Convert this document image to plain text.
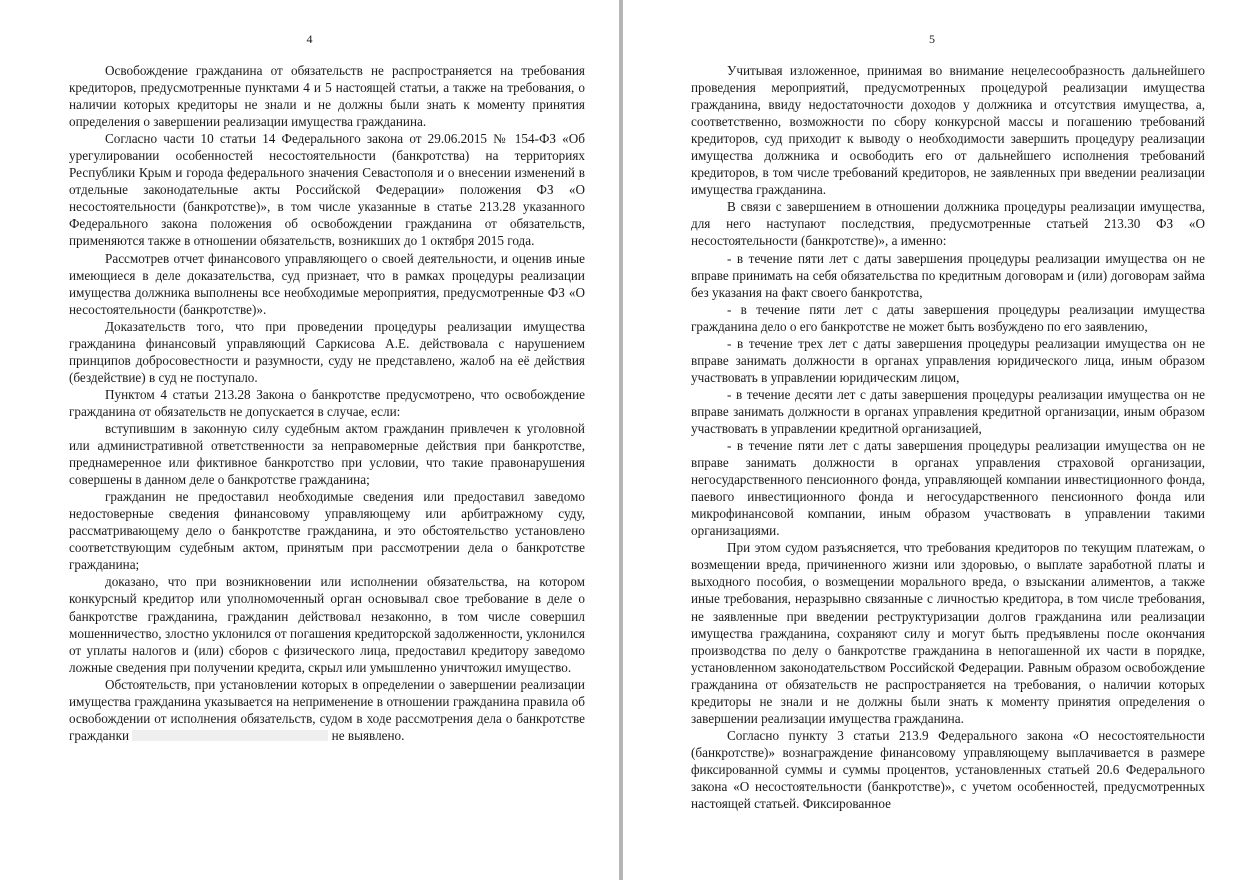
4

Освобождение гражданина от обязательств не распространяется на требования кредиторов, предусмотренные пунктами 4 и 5 настоящей статьи, а также на требования, о наличии которых кредиторы не знали и не должны были знать к моменту принятия определения о завершении реализации имущества гражданина.

Согласно части 10 статьи 14 Федерального закона от 29.06.2015 № 154-ФЗ «Об урегулировании особенностей несостоятельности (банкротства) на территориях Республики Крым и города федерального значения Севастополя и о внесении изменений в отдельные законодательные акты Российской Федерации» положения ФЗ «О несостоятельности (банкротстве)», в том числе указанные в статье 213.28 указанного Федерального закона положения об освобождении гражданина от обязательств, применяются также в отношении обязательств, возникших до 1 октября 2015 года.

Рассмотрев отчет финансового управляющего о своей деятельности, и оценив иные имеющиеся в деле доказательства, суд признает, что в рамках процедуры реализации имущества должника выполнены все необходимые мероприятия, предусмотренные ФЗ «О несостоятельности (банкротстве)».

Доказательств того, что при проведении процедуры реализации имущества гражданина финансовый управляющий Саркисова А.Е. действовала с нарушением принципов добросовестности и разумности, суду не представлено, жалоб на её действия (бездействие) в суд не поступало.

Пунктом 4 статьи 213.28 Закона о банкротстве предусмотрено, что освобождение гражданина от обязательств не допускается в случае, если:

вступившим в законную силу судебным актом гражданин привлечен к уголовной или административной ответственности за неправомерные действия при банкротстве, преднамеренное или фиктивное банкротство при условии, что такие правонарушения совершены в данном деле о банкротстве гражданина;

гражданин не предоставил необходимые сведения или предоставил заведомо недостоверные сведения финансовому управляющему или арбитражному суду, рассматривающему дело о банкротстве гражданина, и это обстоятельство установлено соответствующим судебным актом, принятым при рассмотрении дела о банкротстве гражданина;

доказано, что при возникновении или исполнении обязательства, на котором конкурсный кредитор или уполномоченный орган основывал свое требование в деле о банкротстве гражданина, гражданин действовал незаконно, в том числе совершил мошенничество, злостно уклонился от погашения кредиторской задолженности, уклонился от уплаты налогов и (или) сборов с физического лица, предоставил кредитору заведомо ложные сведения при получении кредита, скрыл или умышленно уничтожил имущество.

Обстоятельств, при установлении которых в определении о завершении реализации имущества гражданина указывается на неприменение в отношении гражданина правила об освобождении от исполнения обязательств, судом в ходе рассмотрения дела о банкротстве гражданки	не выявлено.

5

Учитывая изложенное, принимая во внимание нецелесообразность дальнейшего проведения мероприятий, предусмотренных процедурой реализации имущества гражданина, ввиду недостаточности доходов у должника и отсутствия имущества, а, соответственно, возможности по сбору конкурсной массы и погашению требований кредиторов, суд приходит к выводу о необходимости завершить процедуру реализации имущества должника и освободить его от дальнейшего исполнения требований кредиторов, в том числе требований кредиторов, не заявленных при введении реализации имущества гражданина.

В связи с завершением в отношении должника процедуры реализации имущества, для него наступают последствия, предусмотренные статьей 213.30 ФЗ «О несостоятельности (банкротстве)», а именно:

- в течение пяти лет с даты завершения процедуры реализации имущества он не вправе принимать на себя обязательства по кредитным договорам и (или) договорам займа без указания на факт своего банкротства,

- в течение пяти лет с даты завершения процедуры реализации имущества гражданина дело о его банкротстве не может быть возбуждено по его заявлению,

- в течение трех лет с даты завершения процедуры реализации имущества он не вправе занимать должности в органах управления юридического лица, иным образом участвовать в управлении юридическим лицом,

- в течение десяти лет с даты завершения процедуры реализации имущества он не вправе занимать должности в органах управления кредитной организации, иным образом участвовать в управлении кредитной организацией,

- в течение пяти лет с даты завершения процедуры реализации имущества он не вправе занимать должности в органах управления страховой организации, негосударственного пенсионного фонда, управляющей компании инвестиционного фонда, паевого инвестиционного фонда и негосударственного пенсионного фонда или микрофинансовой компании, иным образом участвовать в управлении такими организациями.

При этом судом разъясняется, что требования кредиторов по текущим платежам, о возмещении вреда, причиненного жизни или здоровью, о выплате заработной платы и выходного пособия, о возмещении морального вреда, о взыскании алиментов, а также иные требования, неразрывно связанные с личностью кредитора, в том числе требования, не заявленные при введении реструктуризации долгов гражданина или реализации имущества гражданина, сохраняют силу и могут быть предъявлены после окончания производства по делу о банкротстве гражданина в непогашенной их части в порядке, установленном законодательством Российской Федерации. Равным образом освобождение гражданина от обязательств не распространяется на требования, о наличии которых кредиторы не знали и не должны были знать к моменту принятия определения о завершении реализации имущества гражданина.

Согласно пункту 3 статьи 213.9 Федерального закона «О несостоятельности (банкротстве)» вознаграждение финансовому управляющему выплачивается в размере фиксированной суммы и суммы процентов, установленных статьей 20.6 Федерального закона «О несостоятельности (банкротстве)», с учетом особенностей, предусмотренных настоящей статьей. Фиксированное
